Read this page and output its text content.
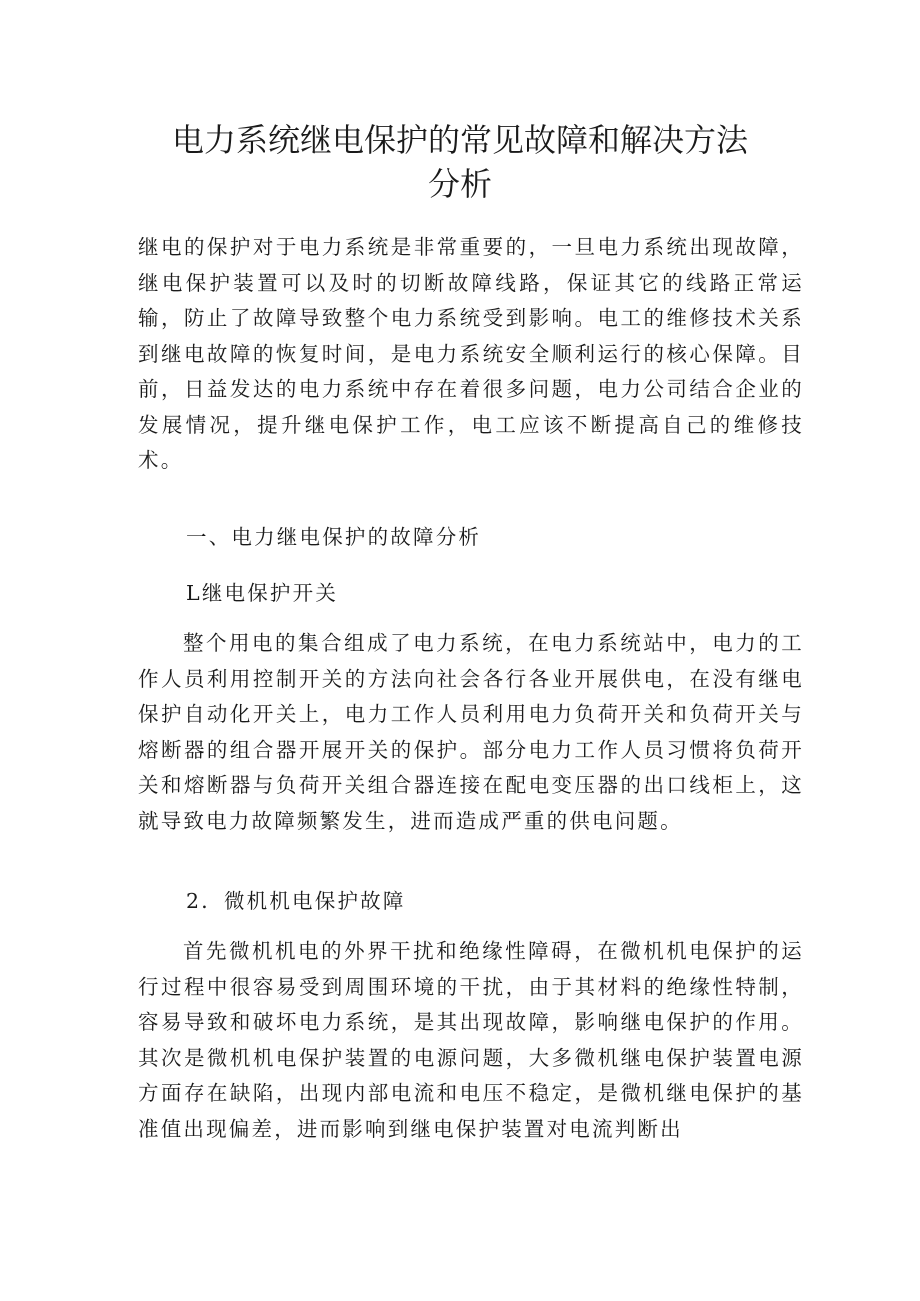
电力系统继电保护的常见故障和解决方法
分析

继电的保护对于电力系统是非常重要的，一旦电力系统出现故障，继电保护装置可以及时的切断故障线路，保证其它的线路正常运输，防止了故障导致整个电力系统受到影响。电工的维修技术关系到继电故障的恢复时间，是电力系统安全顺利运行的核心保障。目前，日益发达的电力系统中存在着很多问题，电力公司结合企业的发展情况，提升继电保护工作，电工应该不断提高自己的维修技术。

一、电力继电保护的故障分析

L继电保护开关

整个用电的集合组成了电力系统，在电力系统站中，电力的工作人员利用控制开关的方法向社会各行各业开展供电，在没有继电保护自动化开关上，电力工作人员利用电力负荷开关和负荷开关与熔断器的组合器开展开关的保护。部分电力工作人员习惯将负荷开关和熔断器与负荷开关组合器连接在配电变压器的出口线柜上，这就导致电力故障频繁发生，进而造成严重的供电问题。

2．微机机电保护故障

首先微机机电的外界干扰和绝缘性障碍，在微机机电保护的运行过程中很容易受到周围环境的干扰，由于其材料的绝缘性特制，容易导致和破坏电力系统，是其出现故障，影响继电保护的作用。其次是微机机电保护装置的电源问题，大多微机继电保护装置电源方面存在缺陷，出现内部电流和电压不稳定，是微机继电保护的基准值出现偏差，进而影响到继电保护装置对电流判断出
